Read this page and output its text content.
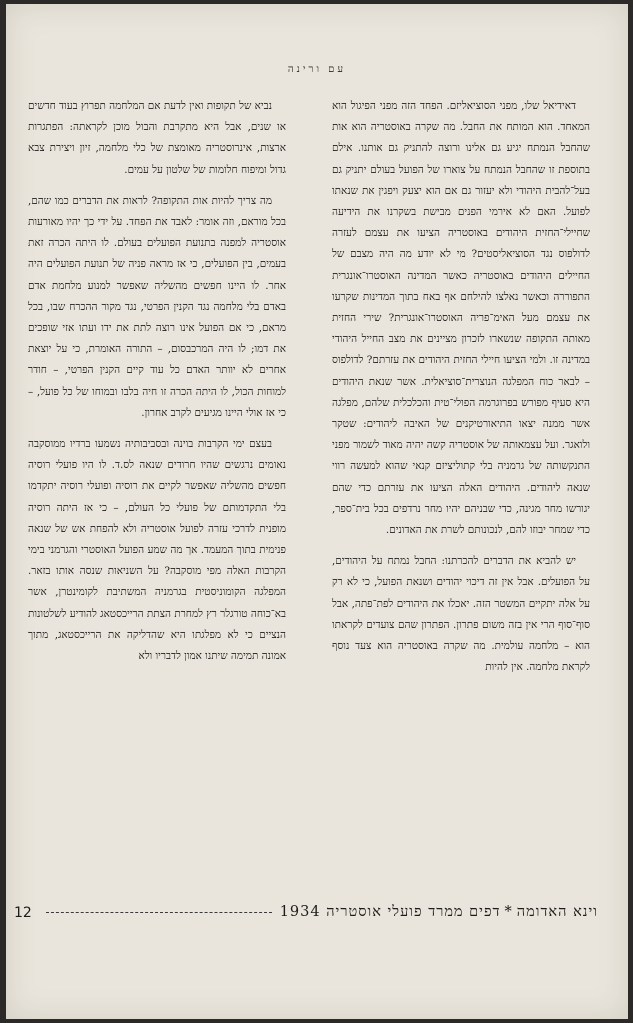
עם ורינה

דאידיאל שלו, מפני הסוציאליזם. הפחד הזה מפני הפיגול הוא המאחד. הוא המותח את החבל. מה שקרה באוסטריה הוא אות שהחבל הנמתח יגיע גם אלינו ורוצה להתניק גם אותנו. אילם בתוספת זו שהחבל הנמתח על צוארו של הפועל בעולם יתניק גם בעל־להבית היהודי ולא יעזור גם אם הוא יצעק ויפגין את שנאתו לפועל. האם לא אירמי הפנים מבישת בשקרנו את הידיעה שחיילי־החזית היהודים באוסטריה הציעו את עצמם לעזרה לדולפוס נגד הסוציאליסטים? מי לא יודע מה היה מצבם של החיילים היהודים באוסטריה כאשר המדינה האוסטרו־אונגרית התפוררה וכאשר נאלצו להילחם אף באח בתוך המדינות שקרעו את עצמם מעל האימ־פריה האוסטרו־אונגרית? שירי החזית מאותה התקופה שנשארו לזכרון מציינים את מצב החייל היהודי במדינה זו. ולמי הציעו חיילי החזית היהודים את עזרתם? לדולפוס – לבאר כוח המפלגה הנוצרית־סוציאלית. אשר שנאת היהודים היא סעיף מפורש בפרוגרמה הפולי־טית והכלכלית שלהם, מפלגה אשר ממנה יצאו התיאורטיקנים של האיבה ליהודים: שטקר ולואגר. ועל עצמאותה של אוסטריה קשה יהיה מאוד לשמור מפני התנקשותה של גרמניה בלי קתוליציזם קנאי שהוא למעשה רווי שנאה ליהודים. היהודים האלה הציעו את עזרתם כדי שהם יגורשו מחר מגינה, כדי שבניהם יהיו מחר נרדפים בכל בית־ספר, כדי שמחר יבוזו להם, לנכונותם לשרת את האדונים.

יש להביא את הדברים להכרתנו: החבל נמתח על היהודים, על הפועלים. אבל אין זה דיכוי יהודים ושנאת הפועל, כי לא רק על אלה יתקיים המשטר הזה. יאכלו את היהודים לפת־פתה, אבל סוף־סוף הרי אין בזה משום פתרון. הפתרון שהם צועדים לקראתו הוא – מלחמה עולמית. מה שקרה באוסטריה הוא צעד נוסף לקראת מלחמה. אין להיות

נביא של תקופות ואין לדעת אם המלחמה תפרוץ בעוד חדשים או שנים, אבל היא מתקרבת והבול מוכן לקראתה: הפתגרות ארצות, אינרוסטריה מאומצת של כלי מלחמה, זיון ויצירת צבא גדול ומיפוח חלומות של שלטון על עמים.

מה צריך להיות אות התקופה? לראות את הדברים כמו שהם, בכל מוראם, וזה אומר: לאבד את הפחד. על ידי כך יהיו מאורעות אוסטריה למפנה בתנועת הפועלים בעולם. לו היתה הכרה זאת בעמים, בין הפועלים, כי אז מראה פניה של תנועת הפועלים היה אחר. לו היינו חפשים מהשליה שאפשר למנוע מלחמת אדם באדם בלי מלחמה נגד הקנין הפרטי, נגד מקור ההכרח שבו, בכל מראם, כי אם הפועל אינו רוצה לתת את ידו ועתו אזי שופכים את דמו; לו היה המרכבסום, – התורה האומרת, כי על יוצאת אחרים לא יוותר האדם כל עוד קיים הקנין הפרטי, – חודר למוחות הכול, לו היתה הכרה זו חיה בלבו ובמוחו של כל פועל, – כי אז אולי היינו מגיעים לקרב אחרון.

בעצם ימי הקרבות בוינה ובסביבותיה נשמעו ברדיו ממוסקבה נאומים נרגשים שהיו חרודים שנאה לס.ד. לו היו פועלי רוסיה חפשים מהשליה שאפשר לקיים את רוסיה ופועלי רוסיה יתקדמו בלי התקדמותם של פועלי כל העולם, – כי אז היתה רוסיה מופנית לדרכי עזרה לפועל אוסטריה ולא להפחת אש של שנאה פנימית בתוך המעמד. אך מה שמע הפועל האוסטרי והגרמני בימי הקרבות האלה מפי מוסקבה? על השניאות שנסה אותו בזאר. המפלגה הקומוניסטית בגרמניה המשתיבת לקומינטרן, אשר בא־כוחה טורגלר רץ למחרת הצתת הרייכסטאג להודיע לשלטונות הנציים כי לא מפלגתו היא שהדליקה את הרייכסטאג, מתוך אמונה תמימה שיתנו אמון לדבריו ולא

12	וינא האדומה*דפים ממרד פועלי אוסטריה 1934
